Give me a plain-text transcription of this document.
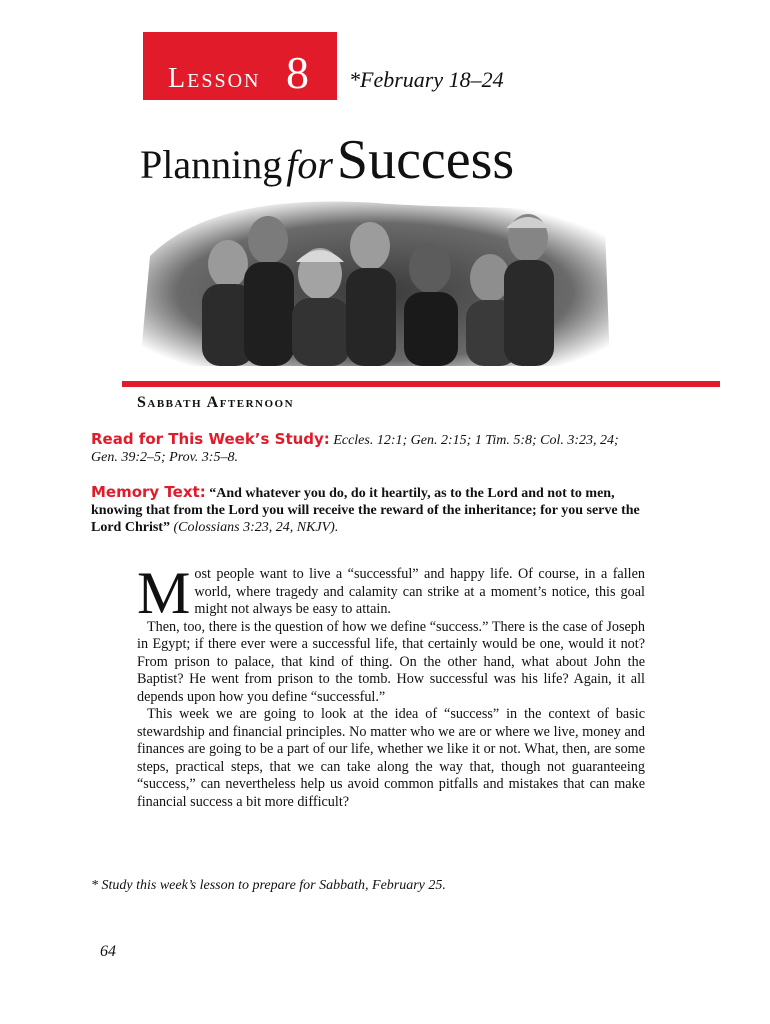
Lesson 8 *February 18–24
Planning for Success
Sabbath Afternoon
Read for This Week’s Study: Eccles. 12:1; Gen. 2:15; 1 Tim. 5:8; Col. 3:23, 24; Gen. 39:2–5; Prov. 3:5–8.
Memory Text: “And whatever you do, do it heartily, as to the Lord and not to men, knowing that from the Lord you will receive the reward of the inheritance; for you serve the Lord Christ” (Colossians 3:23, 24, NKJV).

Most people want to live a “successful” and happy life. Of course, in a fallen world, where tragedy and calamity can strike at a moment’s notice, this goal might not always be easy to attain.

Then, too, there is the question of how we define “success.” There is the case of Joseph in Egypt; if there ever were a successful life, that certainly would be one, would it not? From prison to palace, that kind of thing. On the other hand, what about John the Baptist? He went from prison to the tomb. How successful was his life? Again, it all depends upon how you define “successful.”

This week we are going to look at the idea of “success” in the context of basic stewardship and financial principles. No matter who we are or where we live, money and finances are going to be a part of our life, whether we like it or not. What, then, are some steps, practical steps, that we can take along the way that, though not guaranteeing “success,” can nevertheless help us avoid common pitfalls and mistakes that can make financial success a bit more difficult?

* Study this week’s lesson to prepare for Sabbath, February 25.
64
